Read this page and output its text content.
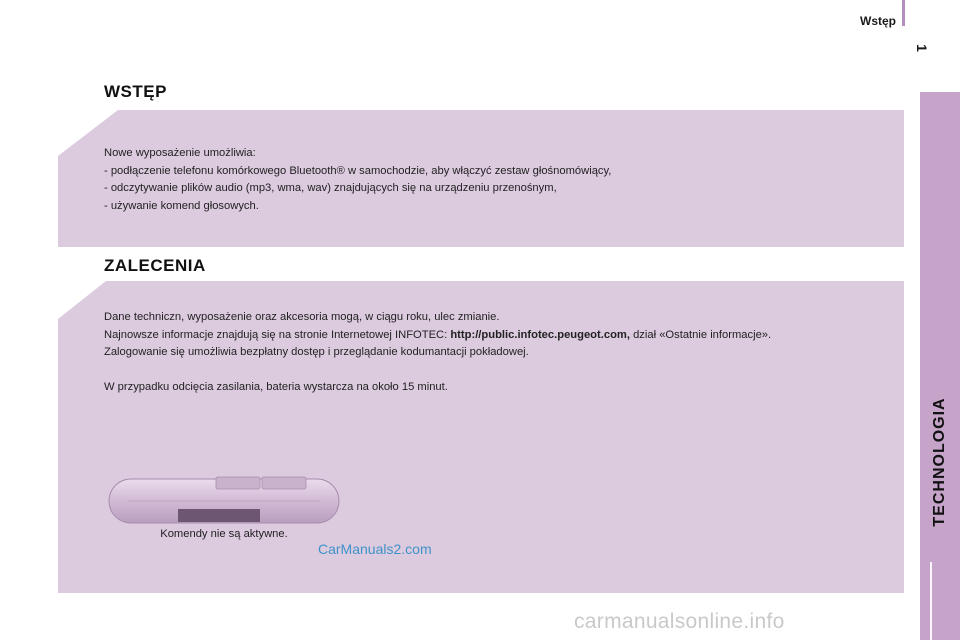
Wstęp
1
TECHNOLOGIA
WSTĘP
Nowe wyposażenie umożliwia:
- podłączenie telefonu komórkowego Bluetooth® w samochodzie, aby włączyć zestaw głośnomówiący,
- odczytywanie plików audio (mp3, wma, wav) znajdujących się na urządzeniu przenośnym,
- używanie komend głosowych.
ZALECENIA
Dane techniczn, wyposażenie oraz akcesoria mogą, w ciągu roku, ulec zmianie.
Najnowsze informacje znajdują się na stronie Internetowej INFOTEC: http://public.infotec.peugeot.com, dział «Ostatnie informacje».
Zalogowanie się umożliwia bezpłatny dostęp i przeglądanie kodumantacji pokładowej.
W przypadku odcięcia zasilania, bateria wystarcza na około 15 minut.
Komendy nie są aktywne.
CarManuals2.com
carmanualsonline.info
